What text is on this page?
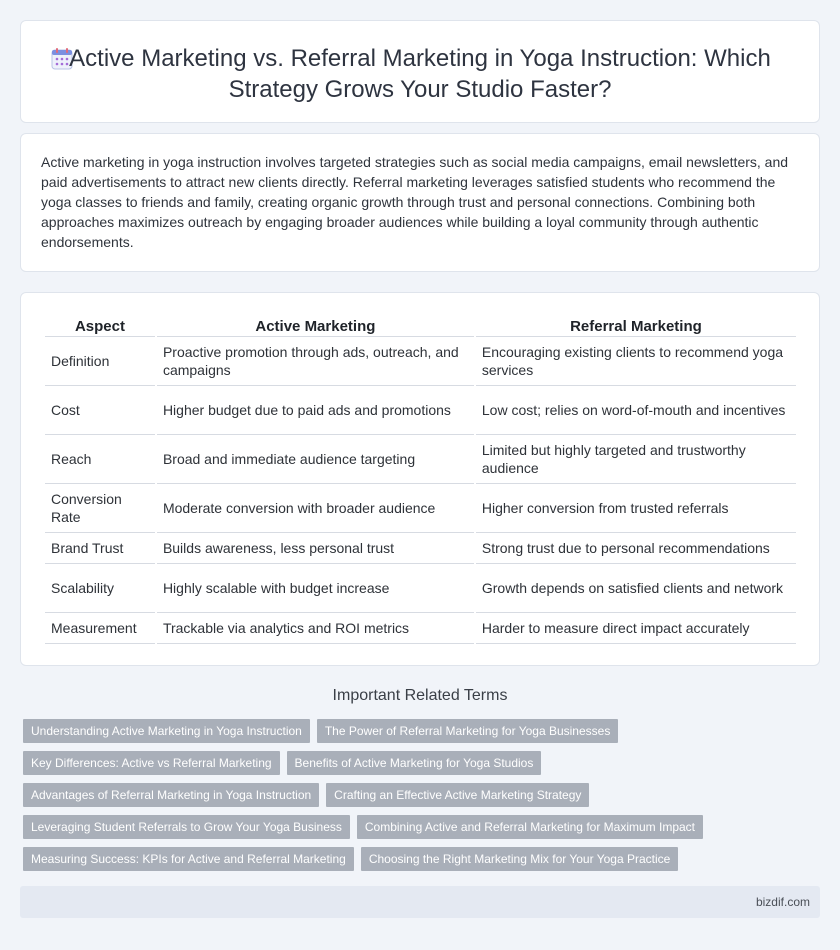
Active Marketing vs. Referral Marketing in Yoga Instruction: Which Strategy Grows Your Studio Faster?

Active marketing in yoga instruction involves targeted strategies such as social media campaigns, email newsletters, and paid advertisements to attract new clients directly. Referral marketing leverages satisfied students who recommend the yoga classes to friends and family, creating organic growth through trust and personal connections. Combining both approaches maximizes outreach by engaging broader audiences while building a loyal community through authentic endorsements.

Aspect	Active Marketing	Referral Marketing
Definition	Proactive promotion through ads, outreach, and campaigns	Encouraging existing clients to recommend yoga services
Cost	Higher budget due to paid ads and promotions	Low cost; relies on word-of-mouth and incentives
Reach	Broad and immediate audience targeting	Limited but highly targeted and trustworthy audience
Conversion Rate	Moderate conversion with broader audience	Higher conversion from trusted referrals
Brand Trust	Builds awareness, less personal trust	Strong trust due to personal recommendations
Scalability	Highly scalable with budget increase	Growth depends on satisfied clients and network
Measurement	Trackable via analytics and ROI metrics	Harder to measure direct impact accurately
Important Related Terms
Understanding Active Marketing in Yoga Instruction	The Power of Referral Marketing for Yoga Businesses
Key Differences: Active vs Referral Marketing	Benefits of Active Marketing for Yoga Studios
Advantages of Referral Marketing in Yoga Instruction	Crafting an Effective Active Marketing Strategy
Leveraging Student Referrals to Grow Your Yoga Business	Combining Active and Referral Marketing for Maximum Impact
Measuring Success: KPIs for Active and Referral Marketing	Choosing the Right Marketing Mix for Your Yoga Practice
bizdif.com
